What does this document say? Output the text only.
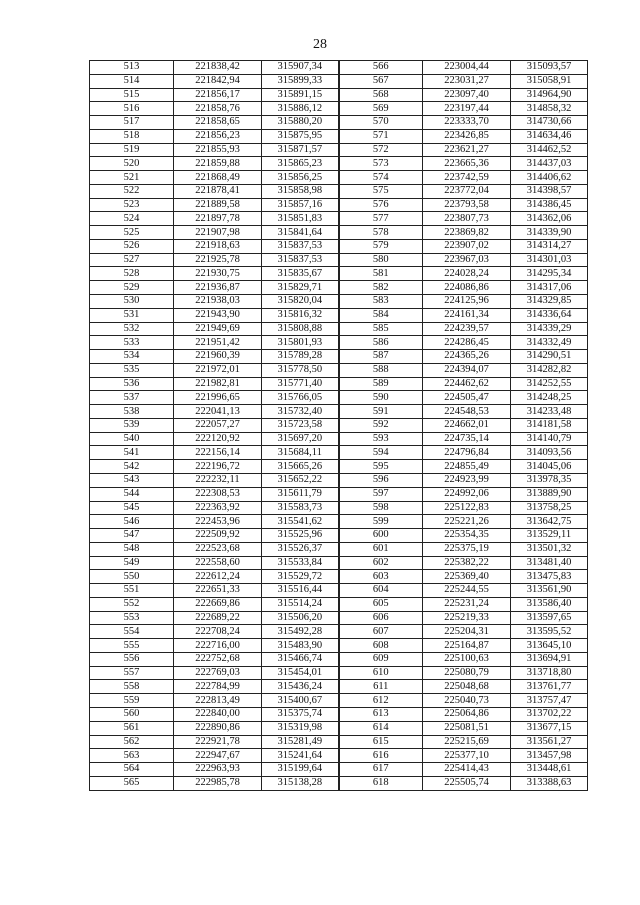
28
513	221838,42	315907,34	566	223004,44	315093,57
514	221842,94	315899,33	567	223031,27	315058,91
515	221856,17	315891,15	568	223097,40	314964,90
516	221858,76	315886,12	569	223197,44	314858,32
517	221858,65	315880,20	570	223333,70	314730,66
518	221856,23	315875,95	571	223426,85	314634,46
519	221855,93	315871,57	572	223621,27	314462,52
520	221859,88	315865,23	573	223665,36	314437,03
521	221868,49	315856,25	574	223742,59	314406,62
522	221878,41	315858,98	575	223772,04	314398,57
523	221889,58	315857,16	576	223793,58	314386,45
524	221897,78	315851,83	577	223807,73	314362,06
525	221907,98	315841,64	578	223869,82	314339,90
526	221918,63	315837,53	579	223907,02	314314,27
527	221925,78	315837,53	580	223967,03	314301,03
528	221930,75	315835,67	581	224028,24	314295,34
529	221936,87	315829,71	582	224086,86	314317,06
530	221938,03	315820,04	583	224125,96	314329,85
531	221943,90	315816,32	584	224161,34	314336,64
532	221949,69	315808,88	585	224239,57	314339,29
533	221951,42	315801,93	586	224286,45	314332,49
534	221960,39	315789,28	587	224365,26	314290,51
535	221972,01	315778,50	588	224394,07	314282,82
536	221982,81	315771,40	589	224462,62	314252,55
537	221996,65	315766,05	590	224505,47	314248,25
538	222041,13	315732,40	591	224548,53	314233,48
539	222057,27	315723,58	592	224662,01	314181,58
540	222120,92	315697,20	593	224735,14	314140,79
541	222156,14	315684,11	594	224796,84	314093,56
542	222196,72	315665,26	595	224855,49	314045,06
543	222232,11	315652,22	596	224923,99	313978,35
544	222308,53	315611,79	597	224992,06	313889,90
545	222363,92	315583,73	598	225122,83	313758,25
546	222453,96	315541,62	599	225221,26	313642,75
547	222509,92	315525,96	600	225354,35	313529,11
548	222523,68	315526,37	601	225375,19	313501,32
549	222558,60	315533,84	602	225382,22	313481,40
550	222612,24	315529,72	603	225369,40	313475,83
551	222651,33	315516,44	604	225244,55	313561,90
552	222669,86	315514,24	605	225231,24	313586,40
553	222689,22	315506,20	606	225219,33	313597,65
554	222708,24	315492,28	607	225204,31	313595,52
555	222716,00	315483,90	608	225164,87	313645,10
556	222752,68	315466,74	609	225100,63	313694,91
557	222769,03	315454,01	610	225080,79	313718,80
558	222784,99	315436,24	611	225048,68	313761,77
559	222813,49	315400,67	612	225040,73	313757,47
560	222840,00	315375,74	613	225064,86	313702,22
561	222890,86	315319,98	614	225081,51	313677,15
562	222921,78	315281,49	615	225215,69	313561,27
563	222947,67	315241,64	616	225377,10	313457,98
564	222963,93	315199,64	617	225414,43	313448,61
565	222985,78	315138,28	618	225505,74	313388,63
